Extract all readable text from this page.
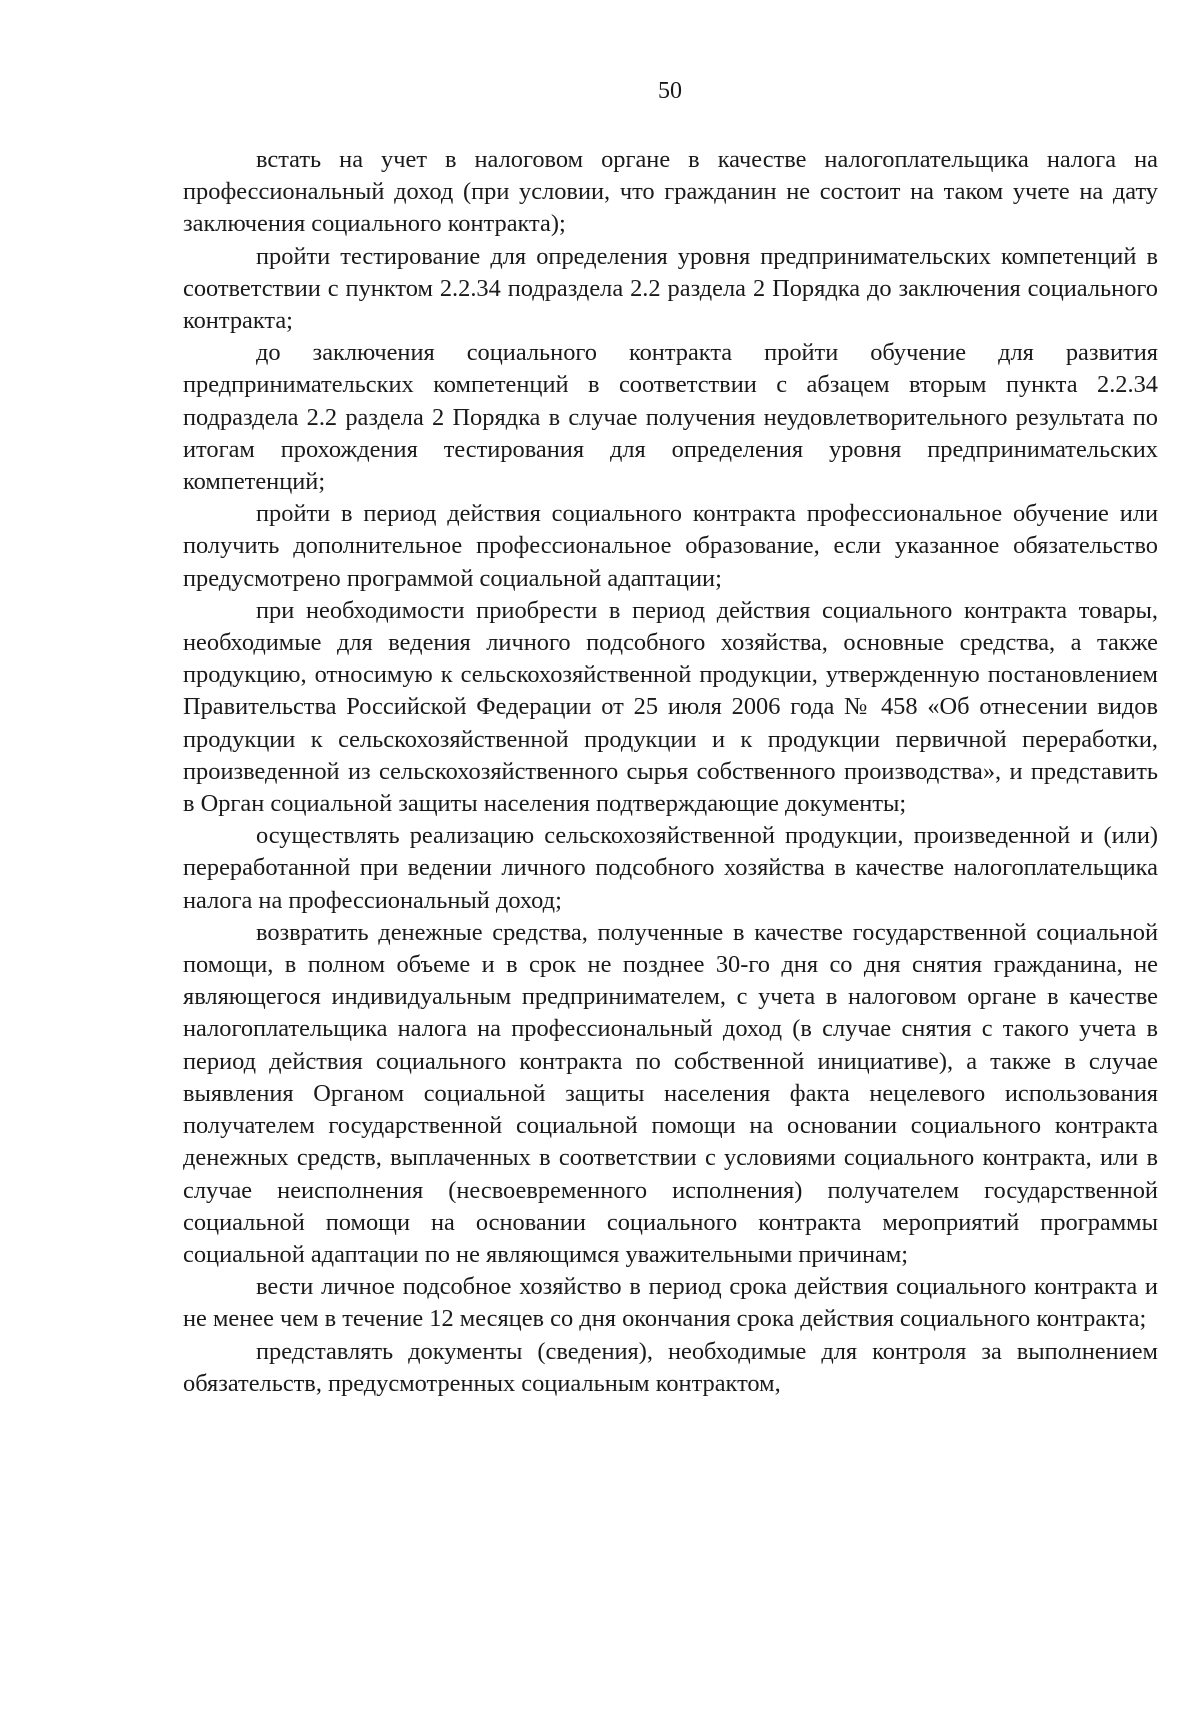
50

встать на учет в налоговом органе в качестве налогоплательщика налога на профессиональный доход (при условии, что гражданин не состоит на таком учете на дату заключения социального контракта);

пройти тестирование для определения уровня предпринимательских компетенций в соответствии с пунктом 2.2.34 подраздела 2.2 раздела 2 Порядка до заключения социального контракта;

до заключения социального контракта пройти обучение для развития предпринимательских компетенций в соответствии с абзацем вторым пункта 2.2.34 подраздела 2.2 раздела 2 Порядка в случае получения неудовлетворительного результата по итогам прохождения тестирования для определения уровня предпринимательских компетенций;

пройти в период действия социального контракта профессиональное обучение или получить дополнительное профессиональное образование, если указанное обязательство предусмотрено программой социальной адаптации;

при необходимости приобрести в период действия социального контракта товары, необходимые для ведения личного подсобного хозяйства, основные средства, а также продукцию, относимую к сельскохозяйственной продукции, утвержденную постановлением Правительства Российской Федерации от 25 июля 2006 года № 458 «Об отнесении видов продукции к сельскохозяйственной продукции и к продукции первичной переработки, произведенной из сельскохозяйственного сырья собственного производства», и представить в Орган социальной защиты населения подтверждающие документы;

осуществлять реализацию сельскохозяйственной продукции, произведенной и (или) переработанной при ведении личного подсобного хозяйства в качестве налогоплательщика налога на профессиональный доход;

возвратить денежные средства, полученные в качестве государственной социальной помощи, в полном объеме и в срок не позднее 30-го дня со дня снятия гражданина, не являющегося индивидуальным предпринимателем, с учета в налоговом органе в качестве налогоплательщика налога на профессиональный доход (в случае снятия с такого учета в период действия социального контракта по собственной инициативе), а также в случае выявления Органом социальной защиты населения факта нецелевого использования получателем государственной социальной помощи на основании социального контракта денежных средств, выплаченных в соответствии с условиями социального контракта, или в случае неисполнения (несвоевременного исполнения) получателем государственной социальной помощи на основании социального контракта мероприятий программы социальной адаптации по не являющимся уважительными причинам;

вести личное подсобное хозяйство в период срока действия социального контракта и не менее чем в течение 12 месяцев со дня окончания срока действия социального контракта;

представлять документы (сведения), необходимые для контроля за выполнением обязательств, предусмотренных социальным контрактом,
